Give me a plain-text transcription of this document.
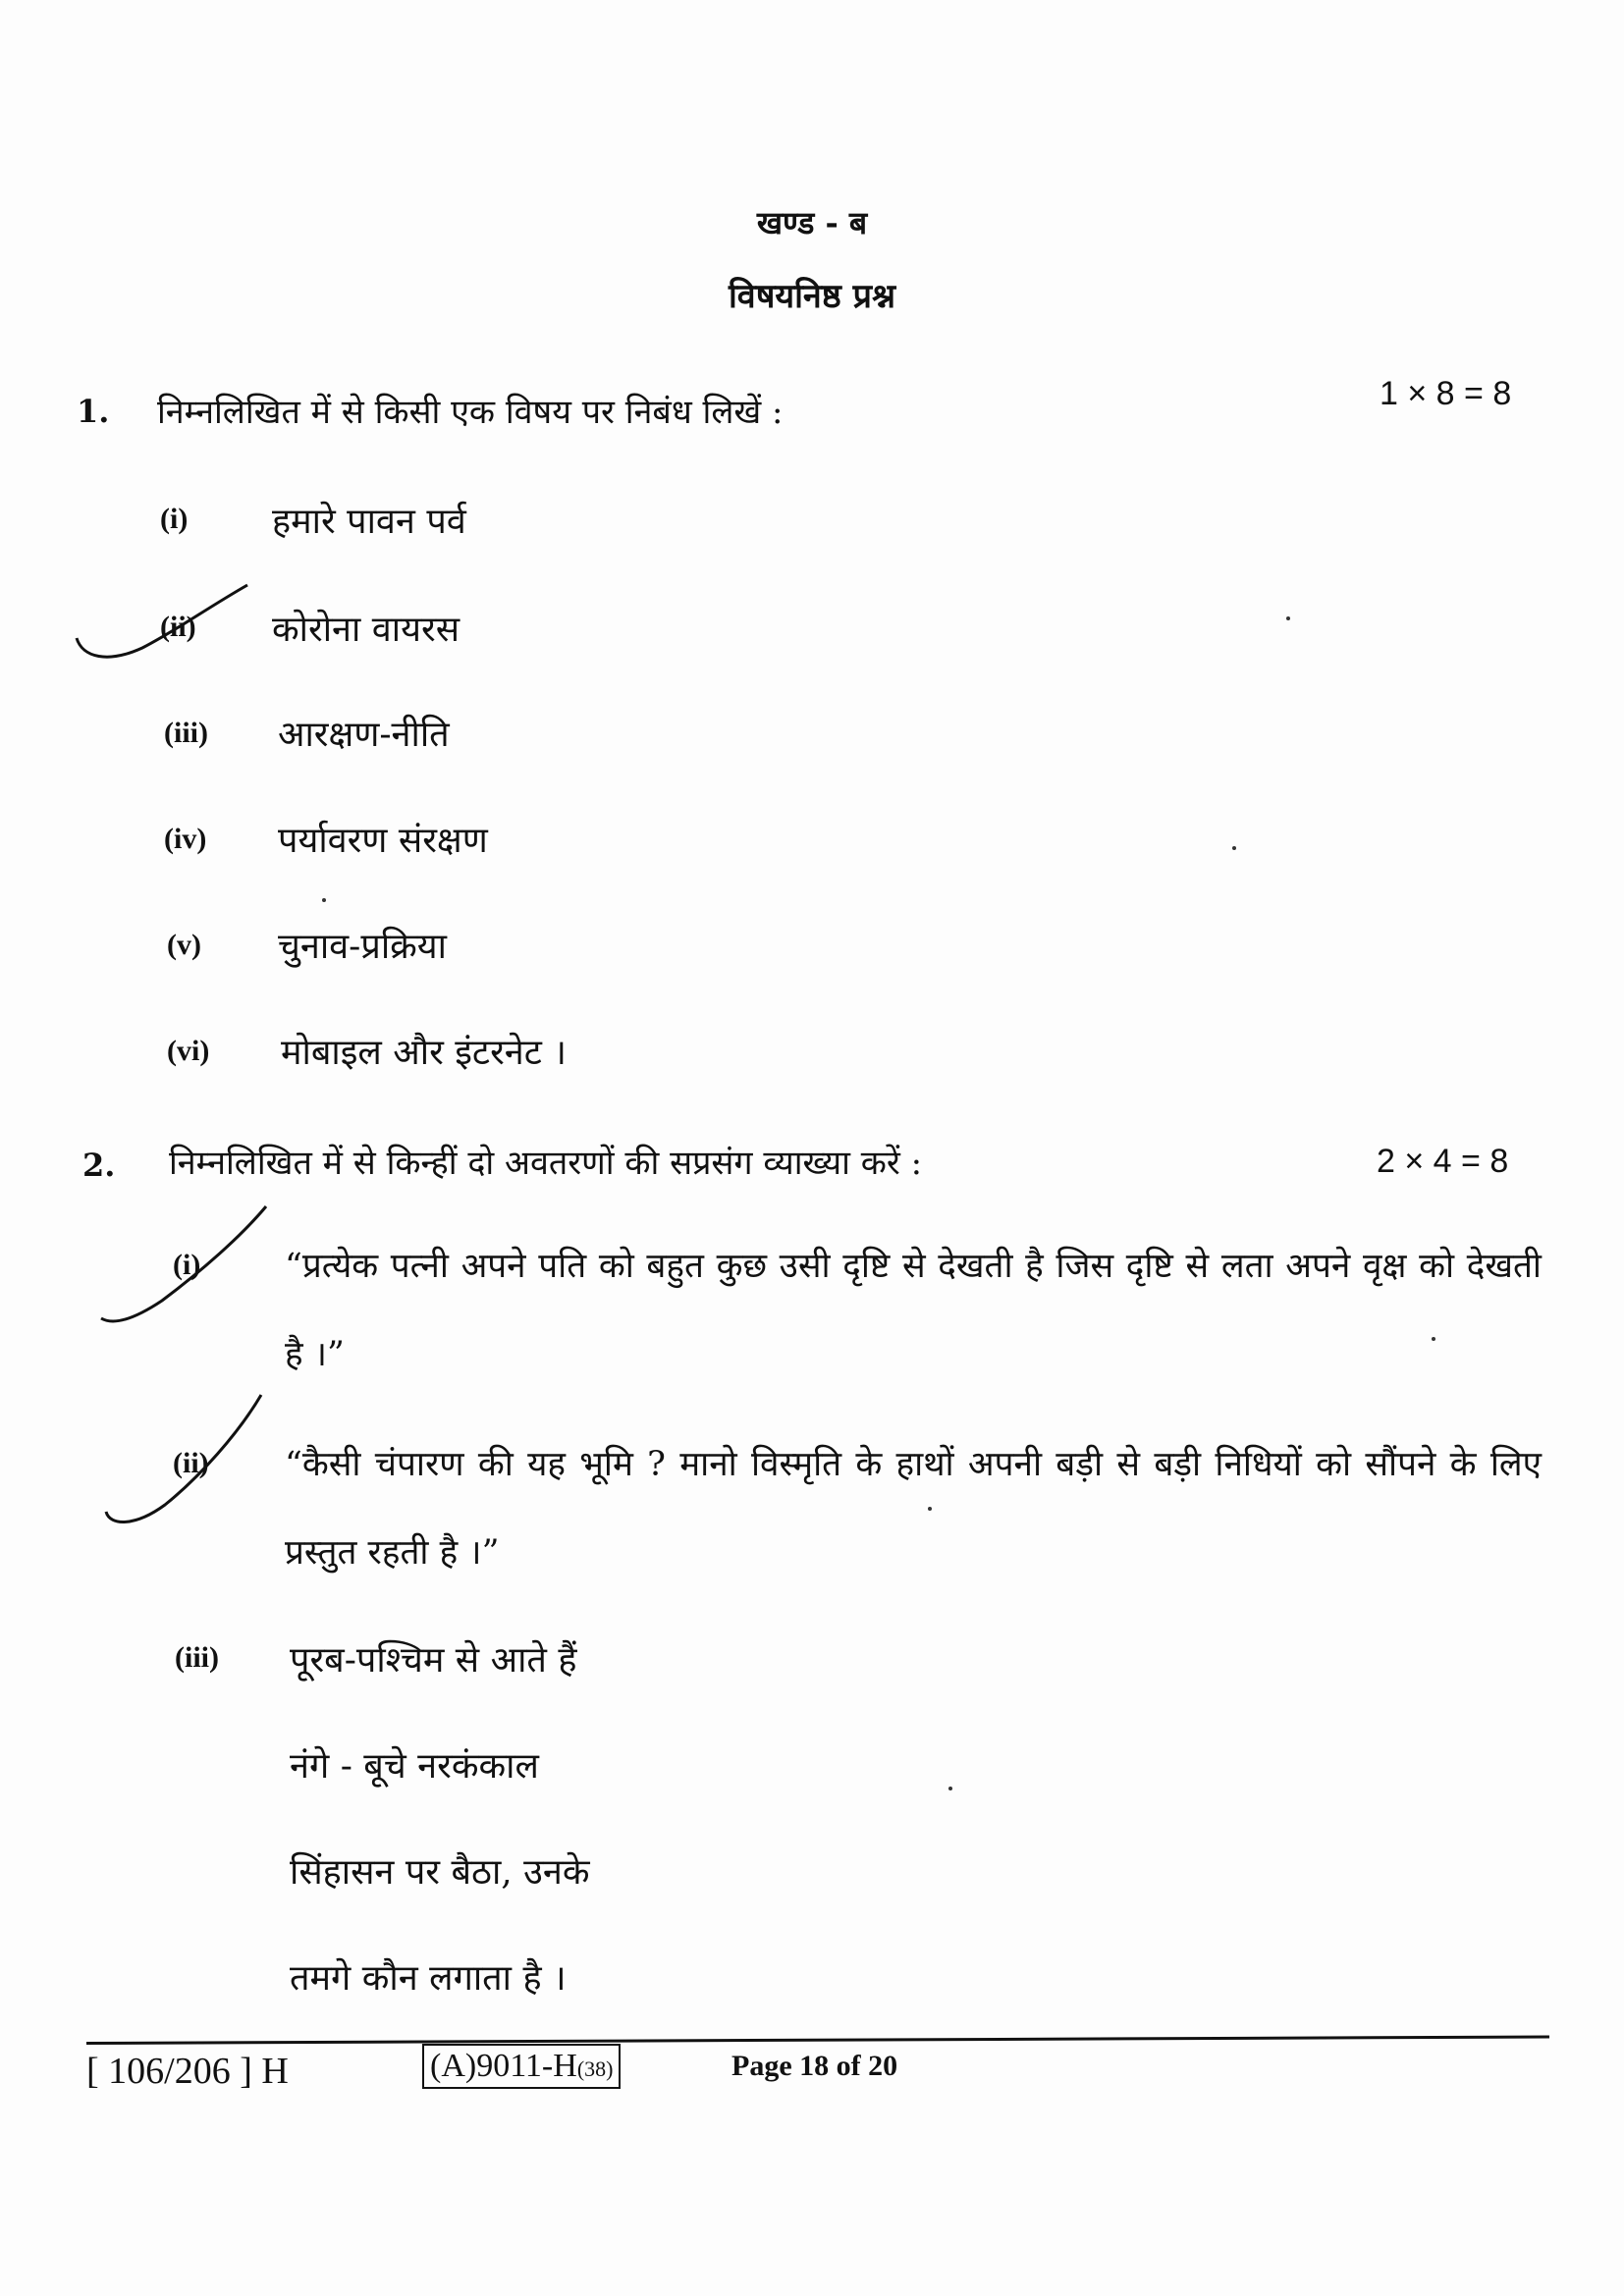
खण्ड - ब
विषयनिष्ठ प्रश्न
1. निम्नलिखित में से किसी एक विषय पर निबंध लिखें :	1 × 8 = 8
(i) हमारे पावन पर्व
(ii) कोरोना वायरस
(iii) आरक्षण-नीति
(iv) पर्यावरण संरक्षण
(v) चुनाव-प्रक्रिया
(vi) मोबाइल और इंटरनेट ।
2. निम्नलिखित में से किन्हीं दो अवतरणों की सप्रसंग व्याख्या करें :	2 × 4 = 8
(i) “प्रत्येक पत्नी अपने पति को बहुत कुछ उसी दृष्टि से देखती है जिस दृष्टि से लता अपने वृक्ष को देखती है ।”
(ii) “कैसी चंपारण की यह भूमि ? मानो विस्मृति के हाथों अपनी बड़ी से बड़ी निधियों को सौंपने के लिए प्रस्तुत रहती है ।”
(iii) पूरब-पश्चिम से आते हैं
नंगे - बूचे नरकंकाल
सिंहासन पर बैठा, उनके
तमगे कौन लगाता है ।
[ 106/206 ] H	(A)9011-H(38)	Page 18 of 20
